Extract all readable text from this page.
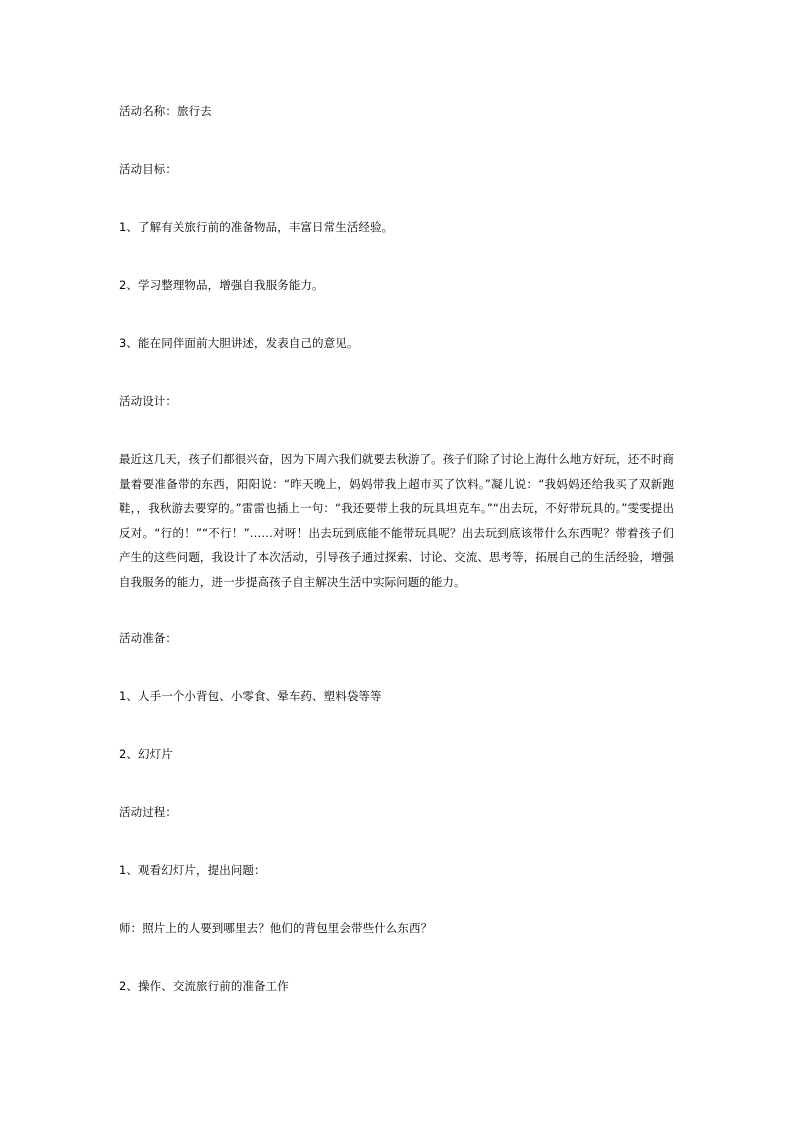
活动名称：旅行去

活动目标：

1、了解有关旅行前的准备物品，丰富日常生活经验。

2、学习整理物品，增强自我服务能力。

3、能在同伴面前大胆讲述，发表自己的意见。

活动设计：

最近这几天，孩子们都很兴奋，因为下周六我们就要去秋游了。孩子们除了讨论上海什么地方好玩，还不时商量着要准备带的东西，阳阳说：“昨天晚上，妈妈带我上超市买了饮料。”凝儿说：“我妈妈还给我买了双新跑鞋，，我秋游去要穿的。”雷雷也插上一句：“我还要带上我的玩具坦克车。”“出去玩，不好带玩具的。”雯雯提出反对。“行的！”“不行！”……对呀！出去玩到底能不能带玩具呢？出去玩到底该带什么东西呢？带着孩子们产生的这些问题，我设计了本次活动，引导孩子通过探索、讨论、交流、思考等，拓展自己的生活经验，增强自我服务的能力，进一步提高孩子自主解决生活中实际问题的能力。

活动准备：

1、人手一个小背包、小零食、晕车药、塑料袋等等

2、幻灯片

活动过程：

1、观看幻灯片，提出问题：

师：照片上的人要到哪里去？他们的背包里会带些什么东西？

2、操作、交流旅行前的准备工作
